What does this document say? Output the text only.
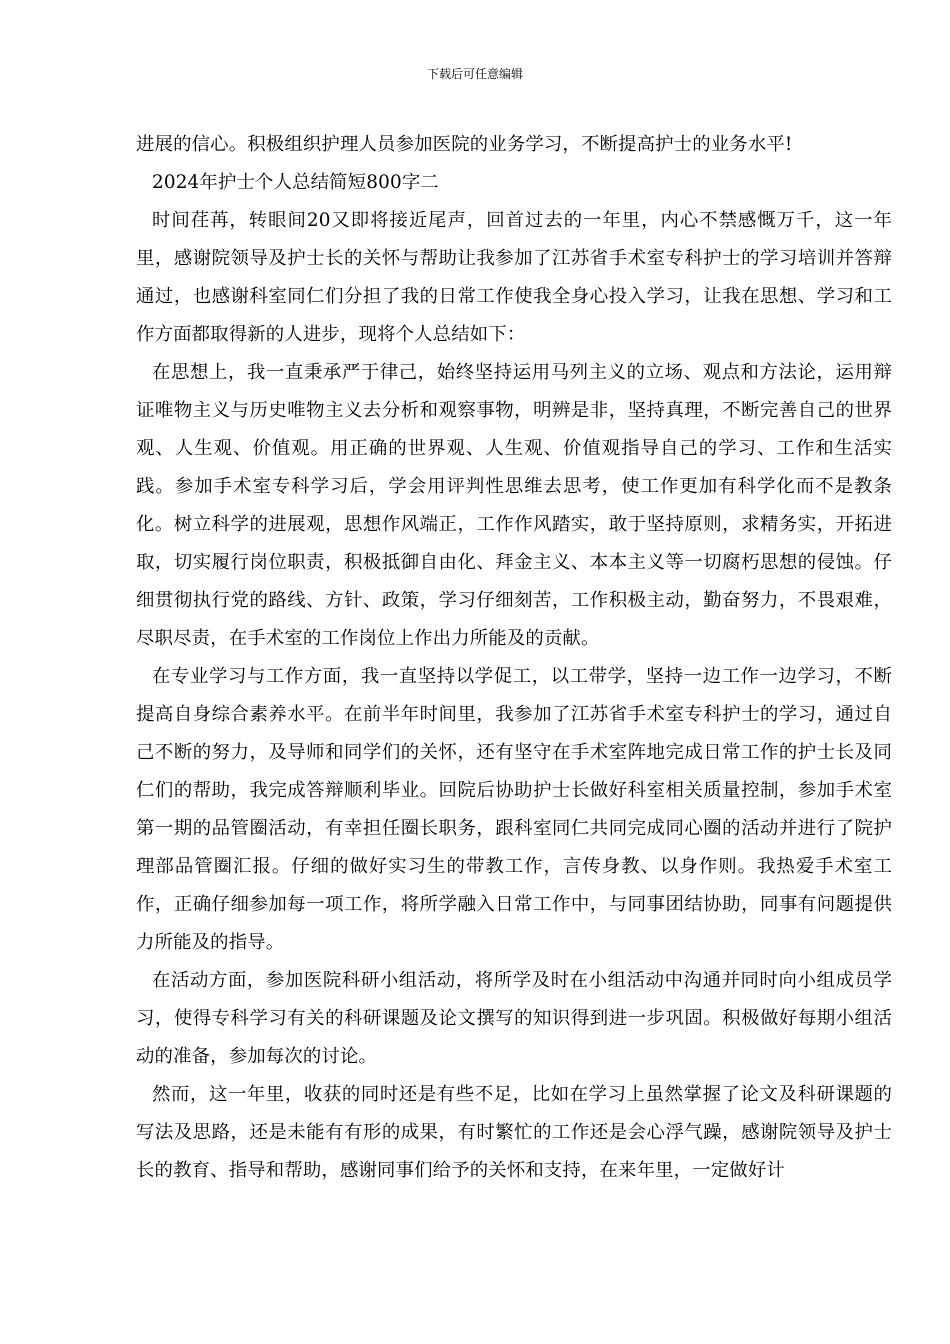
下载后可任意编辑

进展的信心。积极组织护理人员参加医院的业务学习，不断提高护士的业务水平!

2024年护士个人总结简短800字二

时间荏苒，转眼间20又即将接近尾声，回首过去的一年里，内心不禁感慨万千，这一年里，感谢院领导及护士长的关怀与帮助让我参加了江苏省手术室专科护士的学习培训并答辩通过，也感谢科室同仁们分担了我的日常工作使我全身心投入学习，让我在思想、学习和工作方面都取得新的人进步，现将个人总结如下：

在思想上，我一直秉承严于律己，始终坚持运用马列主义的立场、观点和方法论，运用辩证唯物主义与历史唯物主义去分析和观察事物，明辨是非，坚持真理，不断完善自己的世界观、人生观、价值观。用正确的世界观、人生观、价值观指导自己的学习、工作和生活实践。参加手术室专科学习后，学会用评判性思维去思考，使工作更加有科学化而不是教条化。树立科学的进展观，思想作风端正，工作作风踏实，敢于坚持原则，求精务实，开拓进取，切实履行岗位职责，积极抵御自由化、拜金主义、本本主义等一切腐朽思想的侵蚀。仔细贯彻执行党的路线、方针、政策，学习仔细刻苦，工作积极主动，勤奋努力，不畏艰难，尽职尽责，在手术室的工作岗位上作出力所能及的贡献。

在专业学习与工作方面，我一直坚持以学促工，以工带学，坚持一边工作一边学习，不断提高自身综合素养水平。在前半年时间里，我参加了江苏省手术室专科护士的学习，通过自己不断的努力，及导师和同学们的关怀，还有坚守在手术室阵地完成日常工作的护士长及同仁们的帮助，我完成答辩顺利毕业。回院后协助护士长做好科室相关质量控制，参加手术室第一期的品管圈活动，有幸担任圈长职务，跟科室同仁共同完成同心圈的活动并进行了院护理部品管圈汇报。仔细的做好实习生的带教工作，言传身教、以身作则。我热爱手术室工作，正确仔细参加每一项工作，将所学融入日常工作中，与同事团结协助，同事有问题提供力所能及的指导。

在活动方面，参加医院科研小组活动，将所学及时在小组活动中沟通并同时向小组成员学习，使得专科学习有关的科研课题及论文撰写的知识得到进一步巩固。积极做好每期小组活动的准备，参加每次的讨论。

然而，这一年里，收获的同时还是有些不足，比如在学习上虽然掌握了论文及科研课题的写法及思路，还是未能有有形的成果，有时繁忙的工作还是会心浮气躁，感谢院领导及护士长的教育、指导和帮助，感谢同事们给予的关怀和支持，在来年里，一定做好计
